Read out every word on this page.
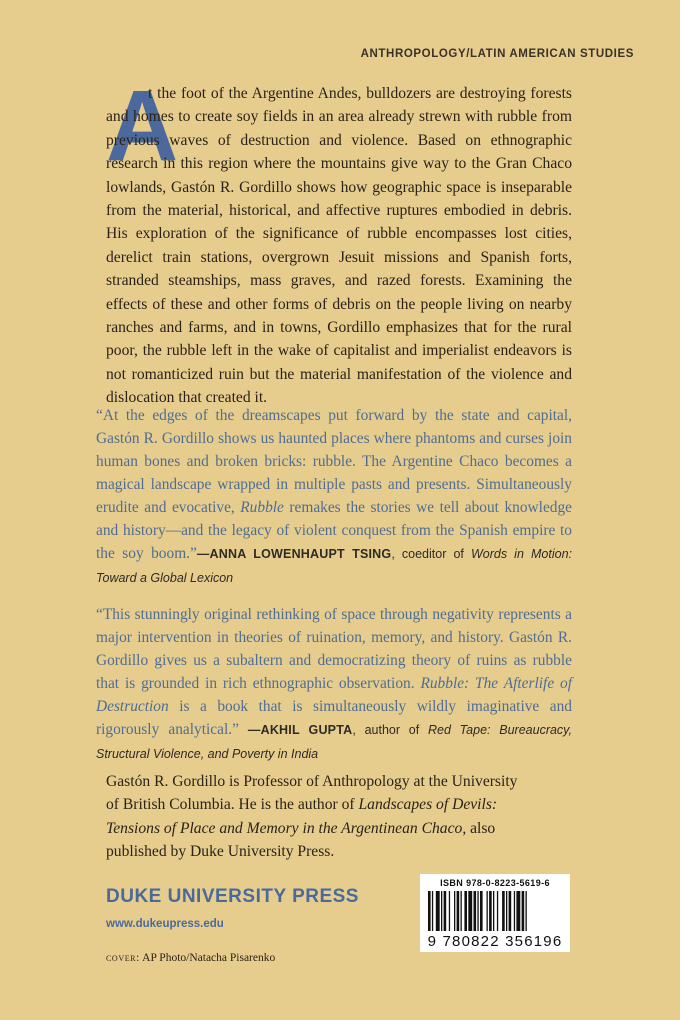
ANTHROPOLOGY/LATIN AMERICAN STUDIES
A
t the foot of the Argentine Andes, bulldozers are destroying forests and homes to create soy fields in an area already strewn with rubble from previous waves of destruction and violence. Based on ethnographic research in this region where the mountains give way to the Gran Chaco lowlands, Gastón R. Gordillo shows how geographic space is inseparable from the material, historical, and affective ruptures embodied in debris. His exploration of the significance of rubble encompasses lost cities, derelict train stations, overgrown Jesuit missions and Spanish forts, stranded steamships, mass graves, and razed forests. Examining the effects of these and other forms of debris on the people living on nearby ranches and farms, and in towns, Gordillo emphasizes that for the rural poor, the rubble left in the wake of capitalist and imperialist endeavors is not romanticized ruin but the material manifestation of the violence and dislocation that created it.
“At the edges of the dreamscapes put forward by the state and capital, Gastón R. Gordillo shows us haunted places where phantoms and curses join human bones and broken bricks: rubble. The Argentine Chaco becomes a magical landscape wrapped in multiple pasts and presents. Simultaneously erudite and evocative, Rubble remakes the stories we tell about knowledge and history—and the legacy of violent conquest from the Spanish empire to the soy boom.”—ANNA LOWENHAUPT TSING, coeditor of Words in Motion: Toward a Global Lexicon
“This stunningly original rethinking of space through negativity represents a major intervention in theories of ruination, memory, and history. Gastón R. Gordillo gives us a subaltern and democratizing theory of ruins as rubble that is grounded in rich ethnographic observation. Rubble: The Afterlife of Destruction is a book that is simultaneously wildly imaginative and rigorously analytical.” —AKHIL GUPTA, author of Red Tape: Bureaucracy, Structural Violence, and Poverty in India
Gastón R. Gordillo is Professor of Anthropology at the University of British Columbia. He is the author of Landscapes of Devils: Tensions of Place and Memory in the Argentinean Chaco, also published by Duke University Press.
DUKE UNIVERSITY PRESS
www.dukeupress.edu
cover: AP Photo/Natacha Pisarenko
ISBN 978-0-8223-5619-6
9 780822 356196
